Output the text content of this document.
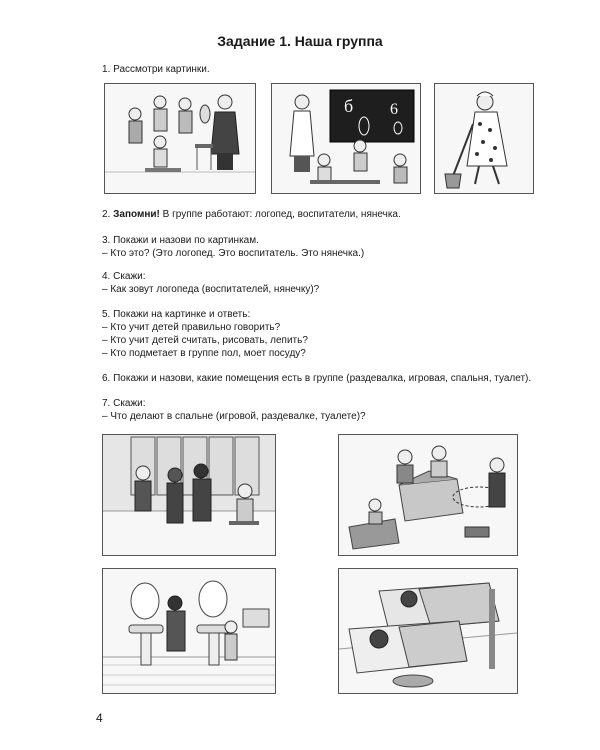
Задание 1. Наша группа
1. Рассмотри картинки.
б 6
2. Запомни! В группе работают: логопед, воспитатели, нянечка.
3. Покажи и назови по картинкам.
– Кто это? (Это логопед. Это воспитатель. Это нянечка.)
4. Скажи:
– Как зовут логопеда (воспитателей, нянечку)?
5. Покажи на картинке и ответь:
– Кто учит детей правильно говорить?
– Кто учит детей считать, рисовать, лепить?
– Кто подметает в группе пол, моет посуду?
6. Покажи и назови, какие помещения есть в группе (раздевалка, игровая, спальня, туалет).
7. Скажи:
– Что делают в спальне (игровой, раздевалке, туалете)?
4
